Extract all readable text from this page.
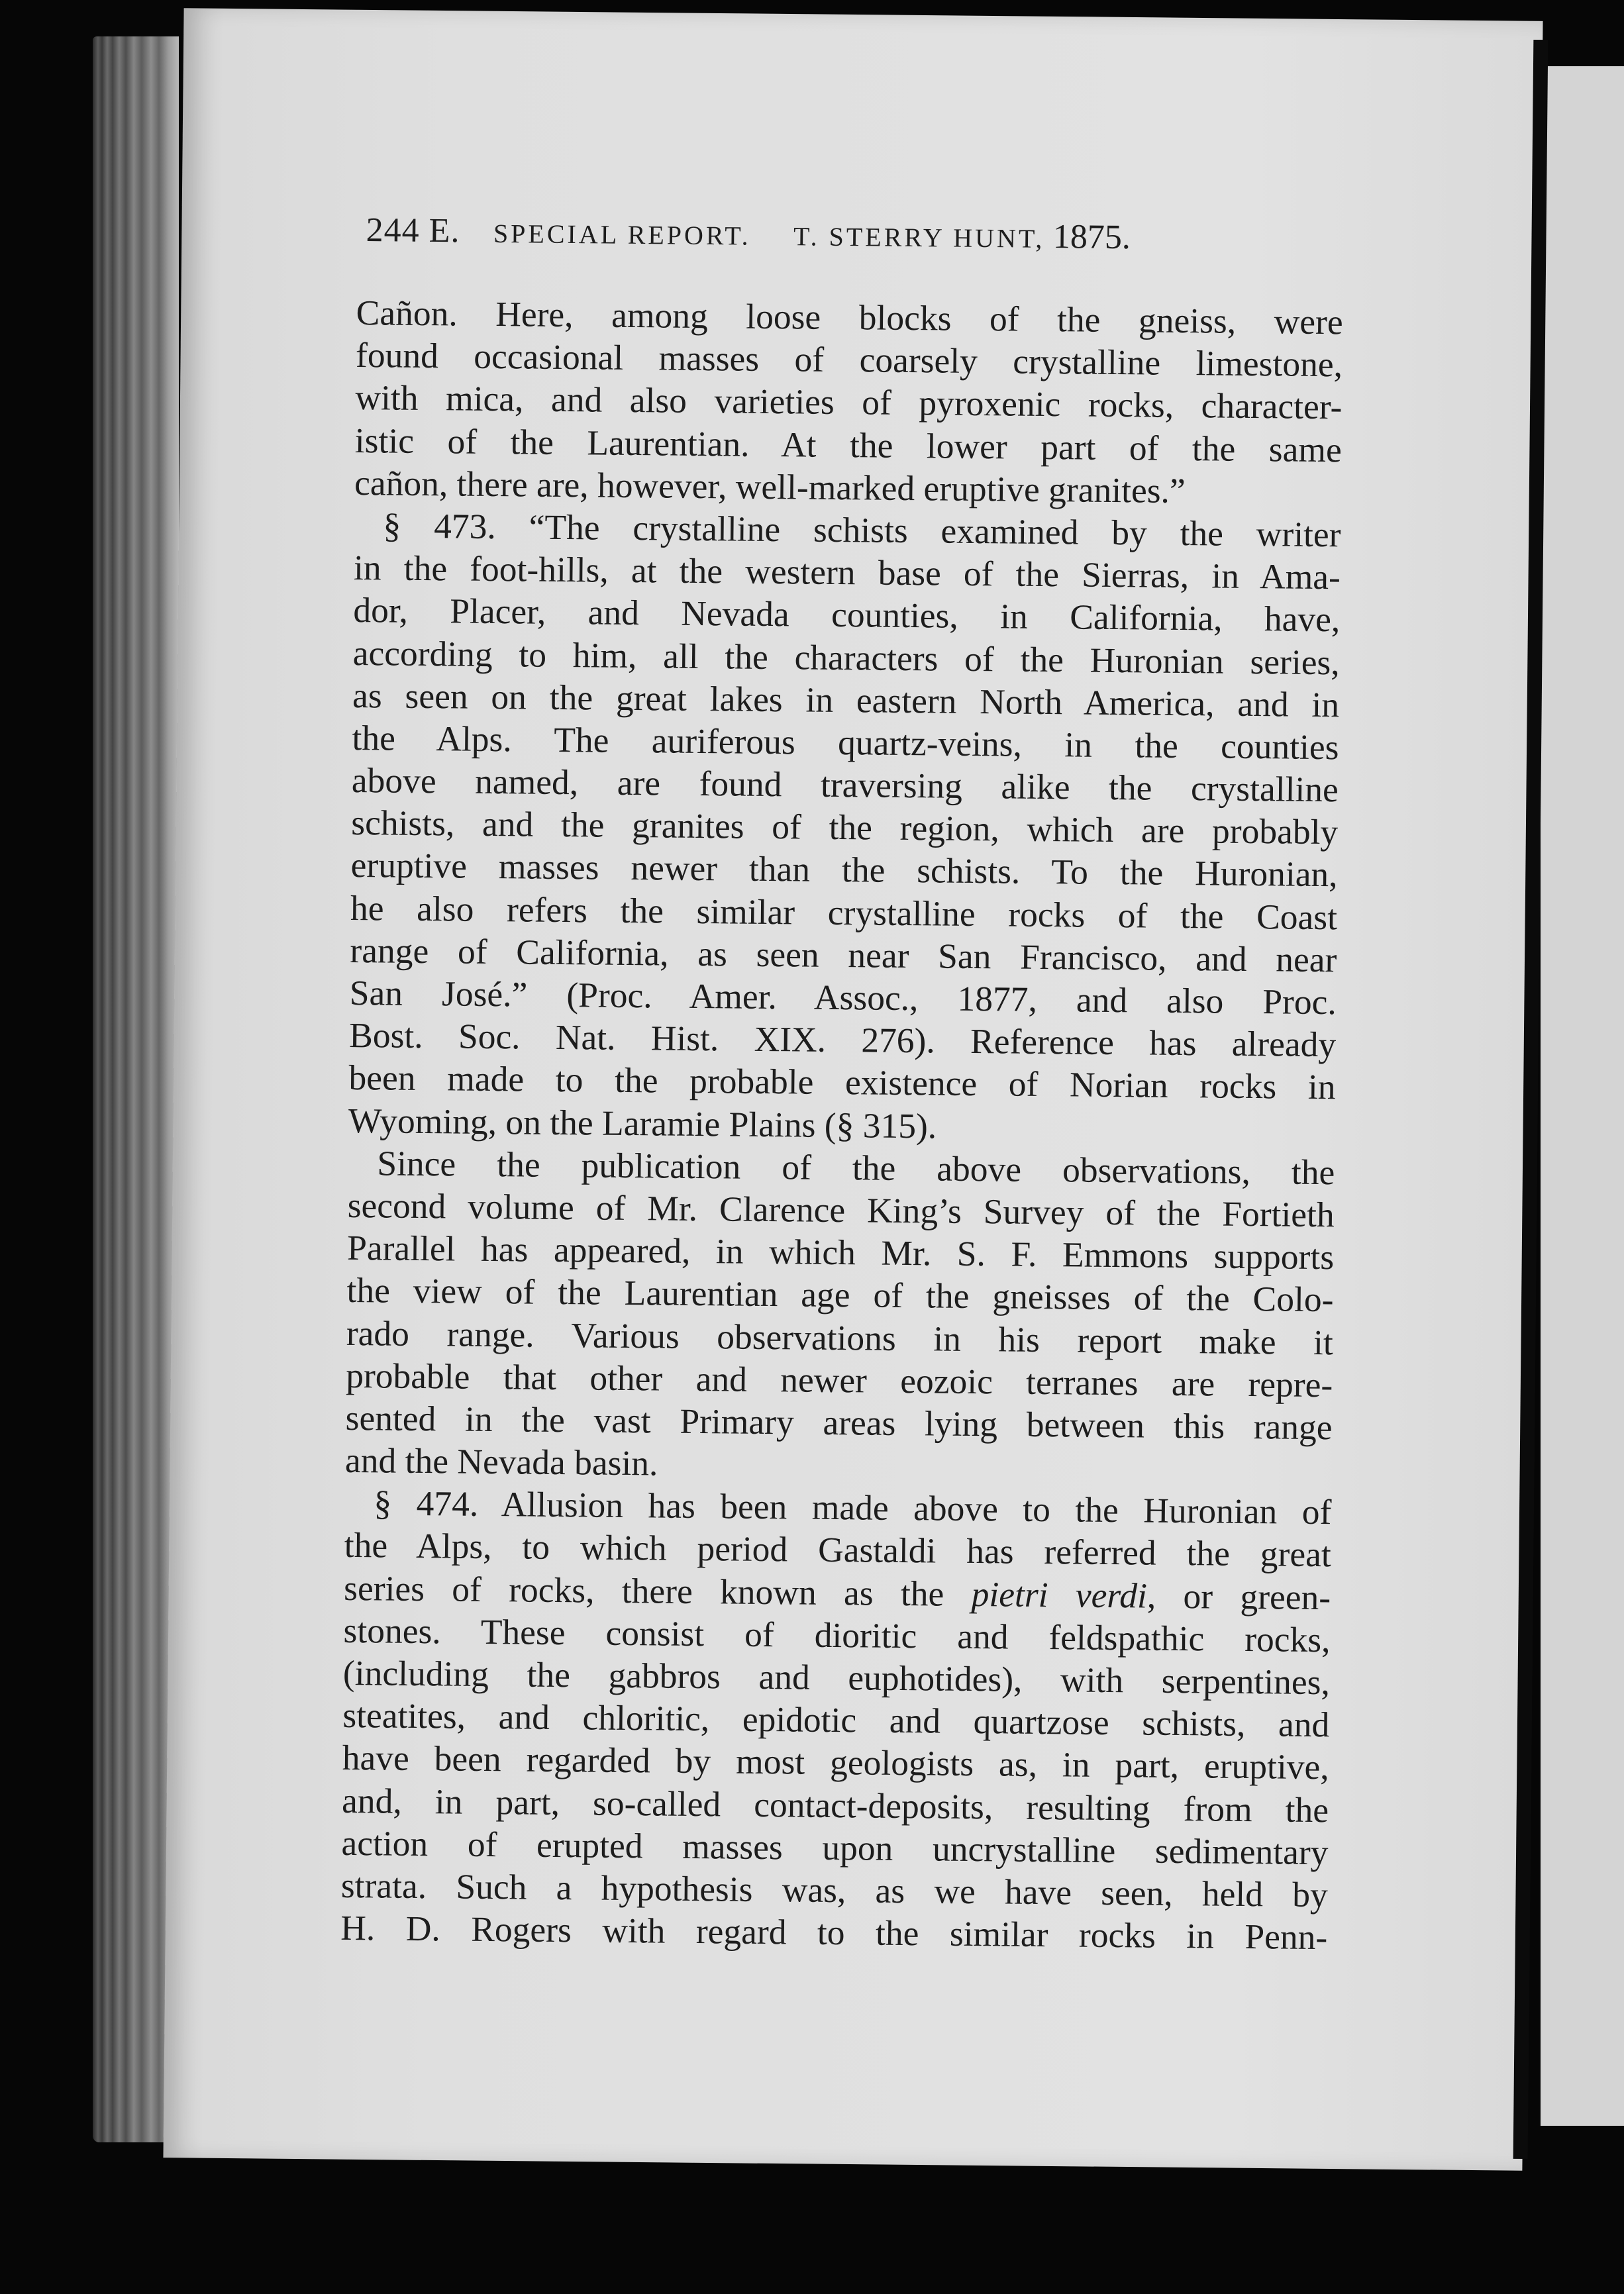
244 E. SPECIAL REPORT. T. STERRY HUNT, 1875.
Cañon. Here, among loose blocks of the gneiss, were
found occasional masses of coarsely crystalline limestone,
with mica, and also varieties of pyroxenic rocks, character-
istic of the Laurentian. At the lower part of the same
cañon, there are, however, well-marked eruptive granites.”
§ 473. “The crystalline schists examined by the writer
in the foot-hills, at the western base of the Sierras, in Ama-
dor, Placer, and Nevada counties, in California, have,
according to him, all the characters of the Huronian series,
as seen on the great lakes in eastern North America, and in
the Alps. The auriferous quartz-veins, in the counties
above named, are found traversing alike the crystalline
schists, and the granites of the region, which are probably
eruptive masses newer than the schists. To the Huronian,
he also refers the similar crystalline rocks of the Coast
range of California, as seen near San Francisco, and near
San José.” (Proc. Amer. Assoc., 1877, and also Proc.
Bost. Soc. Nat. Hist. XIX. 276). Reference has already
been made to the probable existence of Norian rocks in
Wyoming, on the Laramie Plains (§ 315).
Since the publication of the above observations, the
second volume of Mr. Clarence King’s Survey of the Fortieth
Parallel has appeared, in which Mr. S. F. Emmons supports
the view of the Laurentian age of the gneisses of the Colo-
rado range. Various observations in his report make it
probable that other and newer eozoic terranes are repre-
sented in the vast Primary areas lying between this range
and the Nevada basin.
§ 474. Allusion has been made above to the Huronian of
the Alps, to which period Gastaldi has referred the great
series of rocks, there known as the pietri verdi, or green-
stones. These consist of dioritic and feldspathic rocks,
(including the gabbros and euphotides), with serpentines,
steatites, and chloritic, epidotic and quartzose schists, and
have been regarded by most geologists as, in part, eruptive,
and, in part, so-called contact-deposits, resulting from the
action of erupted masses upon uncrystalline sedimentary
strata. Such a hypothesis was, as we have seen, held by
H. D. Rogers with regard to the similar rocks in Penn-
